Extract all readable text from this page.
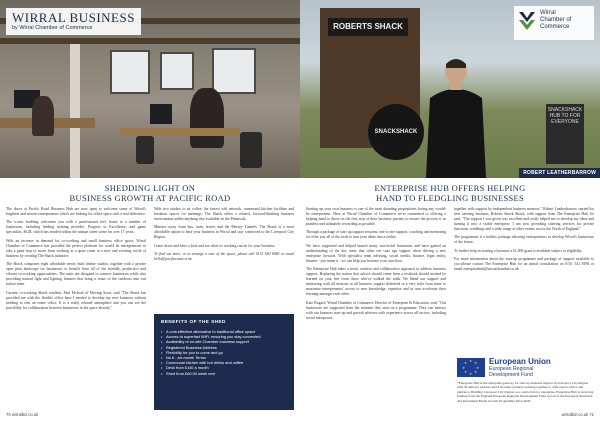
WIRRAL BUSINESS
by Wirral Chamber of Commerce
SHEDDING LIGHT ON
BUSINESS GROWTH AT PACIFIC ROAD

The doors at Pacific Road Business Hub are now open to welcome some of Wirral's brightest and newest entrepreneurs which are looking for office space with a real difference.

The iconic building welcomes you with a professional feel, home to a number of businesses, including leading training provider, Progress to Excellence, and game specialists, KGB, which has resided within the unique street scene for over 17 years.

With an increase in demand for co-working and small business office space, Wirral Chamber of Commerce has provided the perfect platform for would be entrepreneurs to take a giant step to move from working in a spare room to a new and exciting world of business by creating The Shack initiative.

The Shack comprises eight affordable newly built timber studios, together with a private open plan landscape for businesses to benefit from all of the friendly, productive and vibrant co-working opportunities. The units are designed to connect businesses while also providing natural light and lighting features that bring a sense of the outdoors into our indoor team.

Current co-working Shack resident, Paul Mcleod of Moving Soon, said "The Shack has provided me with the flexible office base I needed to develop my new business without needing to rent an entire office. It is a really relaxed atmosphere and you can see the possibility for collaboration between businesses in the space already."

With two studios to sit coffee, the fastest wifi network, communal kitchen facilities and breakout spaces for meetings, The Shack offers a relaxed, forward-thinking business environment unlike anything else available on the Peninsula.

Minutes away from bus, train, ferries and the Mersey Tunnels, The Shack is a most affordable option to base your business in Wirral and stay connected to the Liverpool City Region.

Come down and have a look and see what co-working can do for your business.

To find out more, or to arrange a tour of the space, please call 0151 650 6940 or email hello@pacificroad.co.uk

BENEFITS OF THE SHED
• A cost-effective alternative to traditional office space
• Access to superfast WiFi, ensuring you stay connected
• Availability of on-site Chamber business support
• Registered Business Address
• Flexibility for you to come and go
• No 6 - six month Terms
• Communal kitchen with hot drinks and coffee
• Desk from £140 a month
• Shed from £60.00 week rent
70 wirralbiz.co.uk
ROBERTS SHACK
SNACKSHACK
SNACKSHACK HUB TO FOR EVERYONE
ROBERT LEATHERBARROW
Wirral
Chamber of
Commerce
ENTERPRISE HUB OFFERS HELPING
HAND TO FLEDGLING BUSINESSES

Starting up your own business is one of the most daunting propositions facing any would-be entrepreneur. Here at Wirral Chamber of Commerce we're committed to offering a helping hand to those on the first step of their business journey to ensure the process is as painless and ultimately rewarding as possible.

Through a package of start up support sessions, one to one support, coaching and mentoring we offer you all of the tools to turn your ideas into a reality.

We have supported and helped launch many successful businesses and have gained an understanding of the key areas that often see start ups support when driving a new enterprise forward. With specialist team advising, social media, finance, legal entity, finance - you name it - we can help you become your own boss.

The Enterprise Hub takes a fresh, creative and collaborative approach to address business support. Replacing the notion that advice should come from a textbook should instead be learned on your feet from those who've walked the walk. We blend our support and mentoring with all sessions at all business support delivered in a very style from mine to maximise entrepreneurs' access to new knowledge, expertise and in turn accelerate their learning amongst each other.

Kate Bogard, Wirral Chamber of Commerce Director of Enterprise & Education, said, "Our businesses are supported from the moment they start on a programme. They can interact with our business start-up and growth advisers with experience across all sectors, including social enterprises,

together with support by independent business mentors." Robert Leatherbarrow started his new catering business, Roberts Snack Shack, with support from The Enterprise Hub, he said, "The support I was given was excellent and really helped me to develop my ideas and turning it into a viable enterprise. I am now providing catering services for private functions, weddings and a wide range of other events across the North of England."

The programme is a holistic package allowing entrepreneurs to develop Wirral's businesses of the future.

To further help in starting a business a £1,000 grant is available subject to eligibility.

For more information about the start-up programme and package of support available to you please contact The Enterprise Hub for an initial consultation on 0151 541 8196 or email enterprisehub@wirralchamber.co.uk

★ ★
★
★
★
★
★
★	European Union
European Regional
Development Fund
*Enterprise Hub is the enterprise gateway for start-up business support in Liverpool City Region with 30 delivery partners and 8 strategic partners working together to offer expert advice and guidance. Building Liverpool City Region as a centre hub for enterprise. Enterprise Hub is receiving funding from the England European Regional Development Fund as part of the European Structural and Investment Funds Growth Programme 2014-2020.
wirralbiz.co.uk 71
